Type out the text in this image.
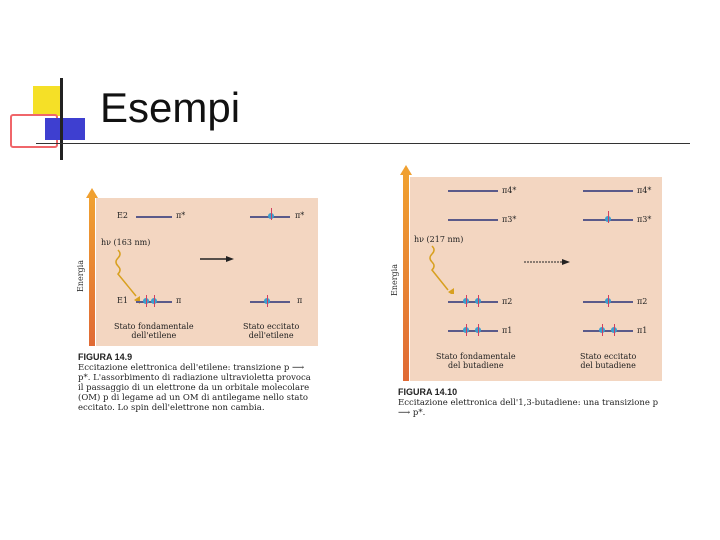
Esempi
Energia
E2	π*	π*
hν (163 nm)
E1	π	π
Stato fondamentale
dell'etilene
Stato eccitato
dell'etilene
FIGURA 14.9
Eccitazione elettronica dell'etilene: transizione p ⟶ p*. L'assorbimento di radiazione ultravioletta provoca il passaggio di un elettrone da un orbitale molecolare (OM) p di legame ad un OM di antilegame nello stato eccitato. Lo spin dell'elettrone non cambia.
Energia
π4*	π4*
π3*	π3*
hν (217 nm)
π2	π2
π1	π1
Stato fondamentale
del butadiene
Stato eccitato
del butadiene
FIGURA 14.10
Eccitazione elettronica dell'1,3-butadiene: una transizione p ⟶ p*.
